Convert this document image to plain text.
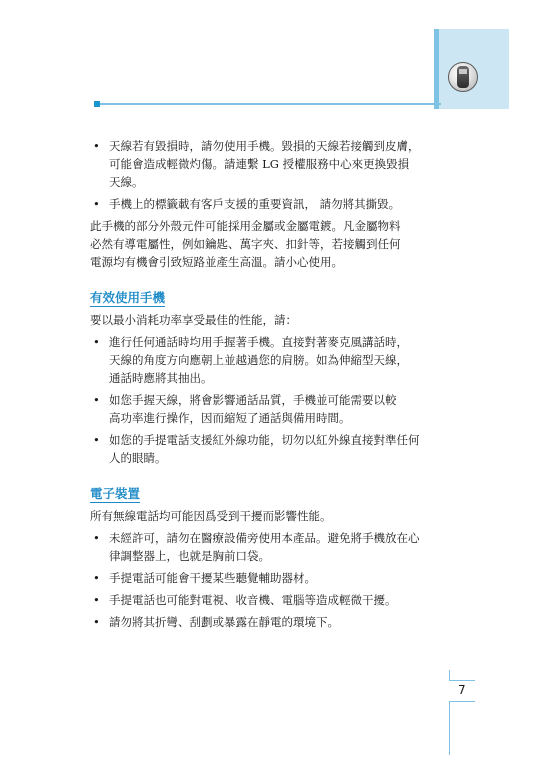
• 天線若有毀損時，請勿使用手機。毀損的天線若接觸到皮膚，
可能會造成輕微灼傷。請連繫 LG 授權服務中心來更換毀損
天線。
• 手機上的標籤載有客戶支援的重要資訊， 請勿將其撕毀。
此手機的部分外殼元件可能採用金屬或金屬電鍍。凡金屬物料
必然有導電屬性，例如鑰匙、萬字夾、扣針等，若接觸到任何
電源均有機會引致短路並產生高溫。請小心使用。
有效使用手機
要以最小消耗功率享受最佳的性能，請：
• 進行任何通話時均用手握著手機。直接對著麥克風講話時，
天線的角度方向應朝上並越過您的肩膀。如為伸縮型天線，
通話時應將其抽出。
• 如您手握天線，將會影響通話品質，手機並可能需要以較
高功率進行操作，因而縮短了通話與備用時間。
• 如您的手提電話支援紅外線功能，切勿以紅外線直接對準任何
人的眼睛。
電子裝置
所有無線電話均可能因爲受到干擾而影響性能。
• 未經許可，請勿在醫療設備旁使用本產品。避免將手機放在心
律調整器上，也就是胸前口袋。
• 手提電話可能會干擾某些聽覺輔助器材。
• 手提電話也可能對電視、收音機、電腦等造成輕微干擾。
• 請勿將其折彎、刮劃或暴露在靜電的環境下。
7
